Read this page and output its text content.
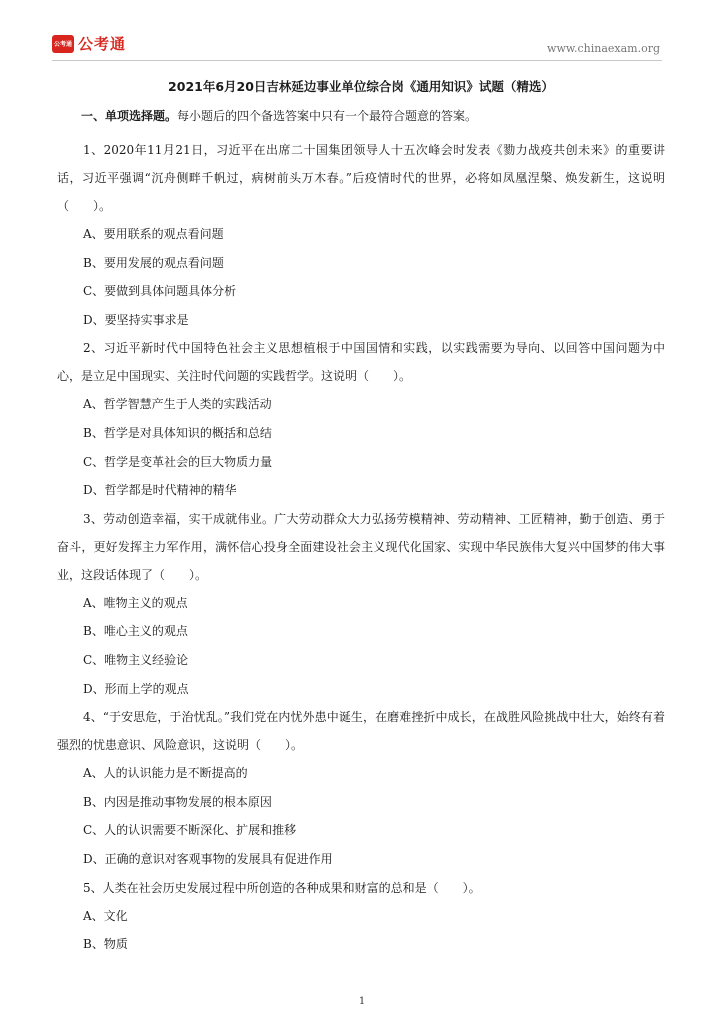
公考通 公考通	www.chinaexam.org
2021年6月20日吉林延边事业单位综合岗《通用知识》试题（精选）
一、单项选择题。每小题后的四个备选答案中只有一个最符合题意的答案。

1、2020年11月21日，习近平在出席二十国集团领导人十五次峰会时发表《勠力战疫共创未来》的重要讲话，习近平强调“沉舟侧畔千帆过，病树前头万木春。”后疫情时代的世界，必将如凤凰涅槃、焕发新生，这说明（　　）。

A、要用联系的观点看问题

B、要用发展的观点看问题

C、要做到具体问题具体分析

D、要坚持实事求是

2、习近平新时代中国特色社会主义思想植根于中国国情和实践，以实践需要为导向、以回答中国问题为中心，是立足中国现实、关注时代问题的实践哲学。这说明（　　）。

A、哲学智慧产生于人类的实践活动

B、哲学是对具体知识的概括和总结

C、哲学是变革社会的巨大物质力量

D、哲学都是时代精神的精华

3、劳动创造幸福，实干成就伟业。广大劳动群众大力弘扬劳模精神、劳动精神、工匠精神，勤于创造、勇于奋斗，更好发挥主力军作用，满怀信心投身全面建设社会主义现代化国家、实现中华民族伟大复兴中国梦的伟大事业，这段话体现了（　　）。

A、唯物主义的观点

B、唯心主义的观点

C、唯物主义经验论

D、形而上学的观点

4、“于安思危，于治忧乱。”我们党在内忧外患中诞生，在磨难挫折中成长，在战胜风险挑战中壮大，始终有着强烈的忧患意识、风险意识，这说明（　　）。

A、人的认识能力是不断提高的

B、内因是推动事物发展的根本原因

C、人的认识需要不断深化、扩展和推移

D、正确的意识对客观事物的发展具有促进作用

5、人类在社会历史发展过程中所创造的各种成果和财富的总和是（　　）。

A、文化

B、物质

1
